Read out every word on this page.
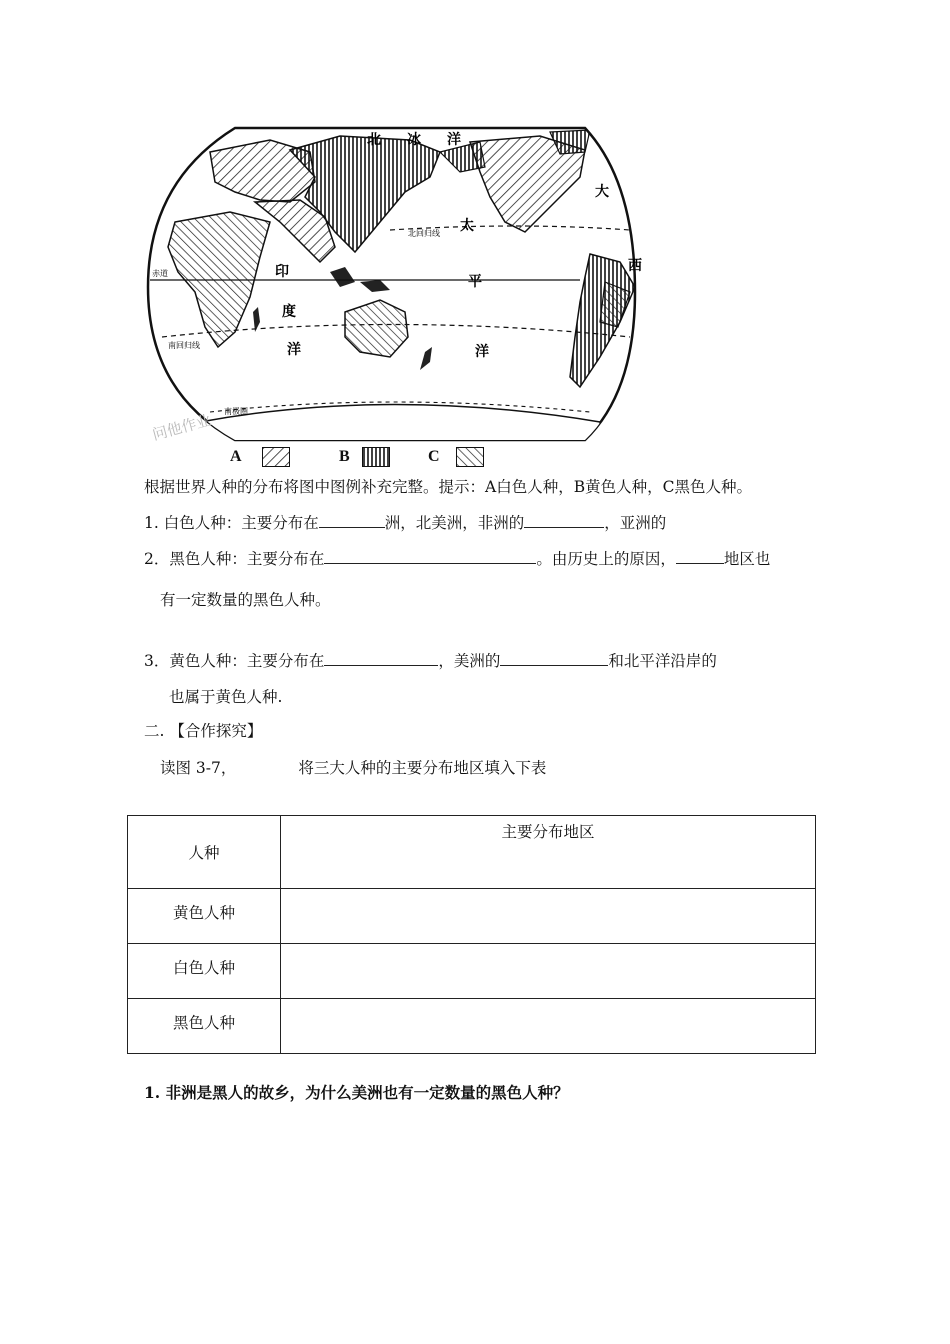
北 冰 洋
大
太
西
平
洋
印
度
洋
北回归线
赤道
南回归线
南极圈
问他作业
A	B	C
根据世界人种的分布将图中图例补充完整。提示：A白色人种，B黄色人种，C黑色人种。
1. 白色人种：主要分布在	洲，北美洲，非洲的	，亚洲的
2．黑色人种：主要分布在	。由历史上的原因，	地区也
有一定数量的黑色人种。
3．黄色人种：主要分布在	，美洲的	和北平洋沿岸的
也属于黄色人种.
二. 【合作探究】
读图 3-7，	将三大人种的主要分布地区填入下表
人种	主要分布地区
黄色人种	
白色人种	
黑色人种	
1. 非洲是黑人的故乡，为什么美洲也有一定数量的黑色人种？
